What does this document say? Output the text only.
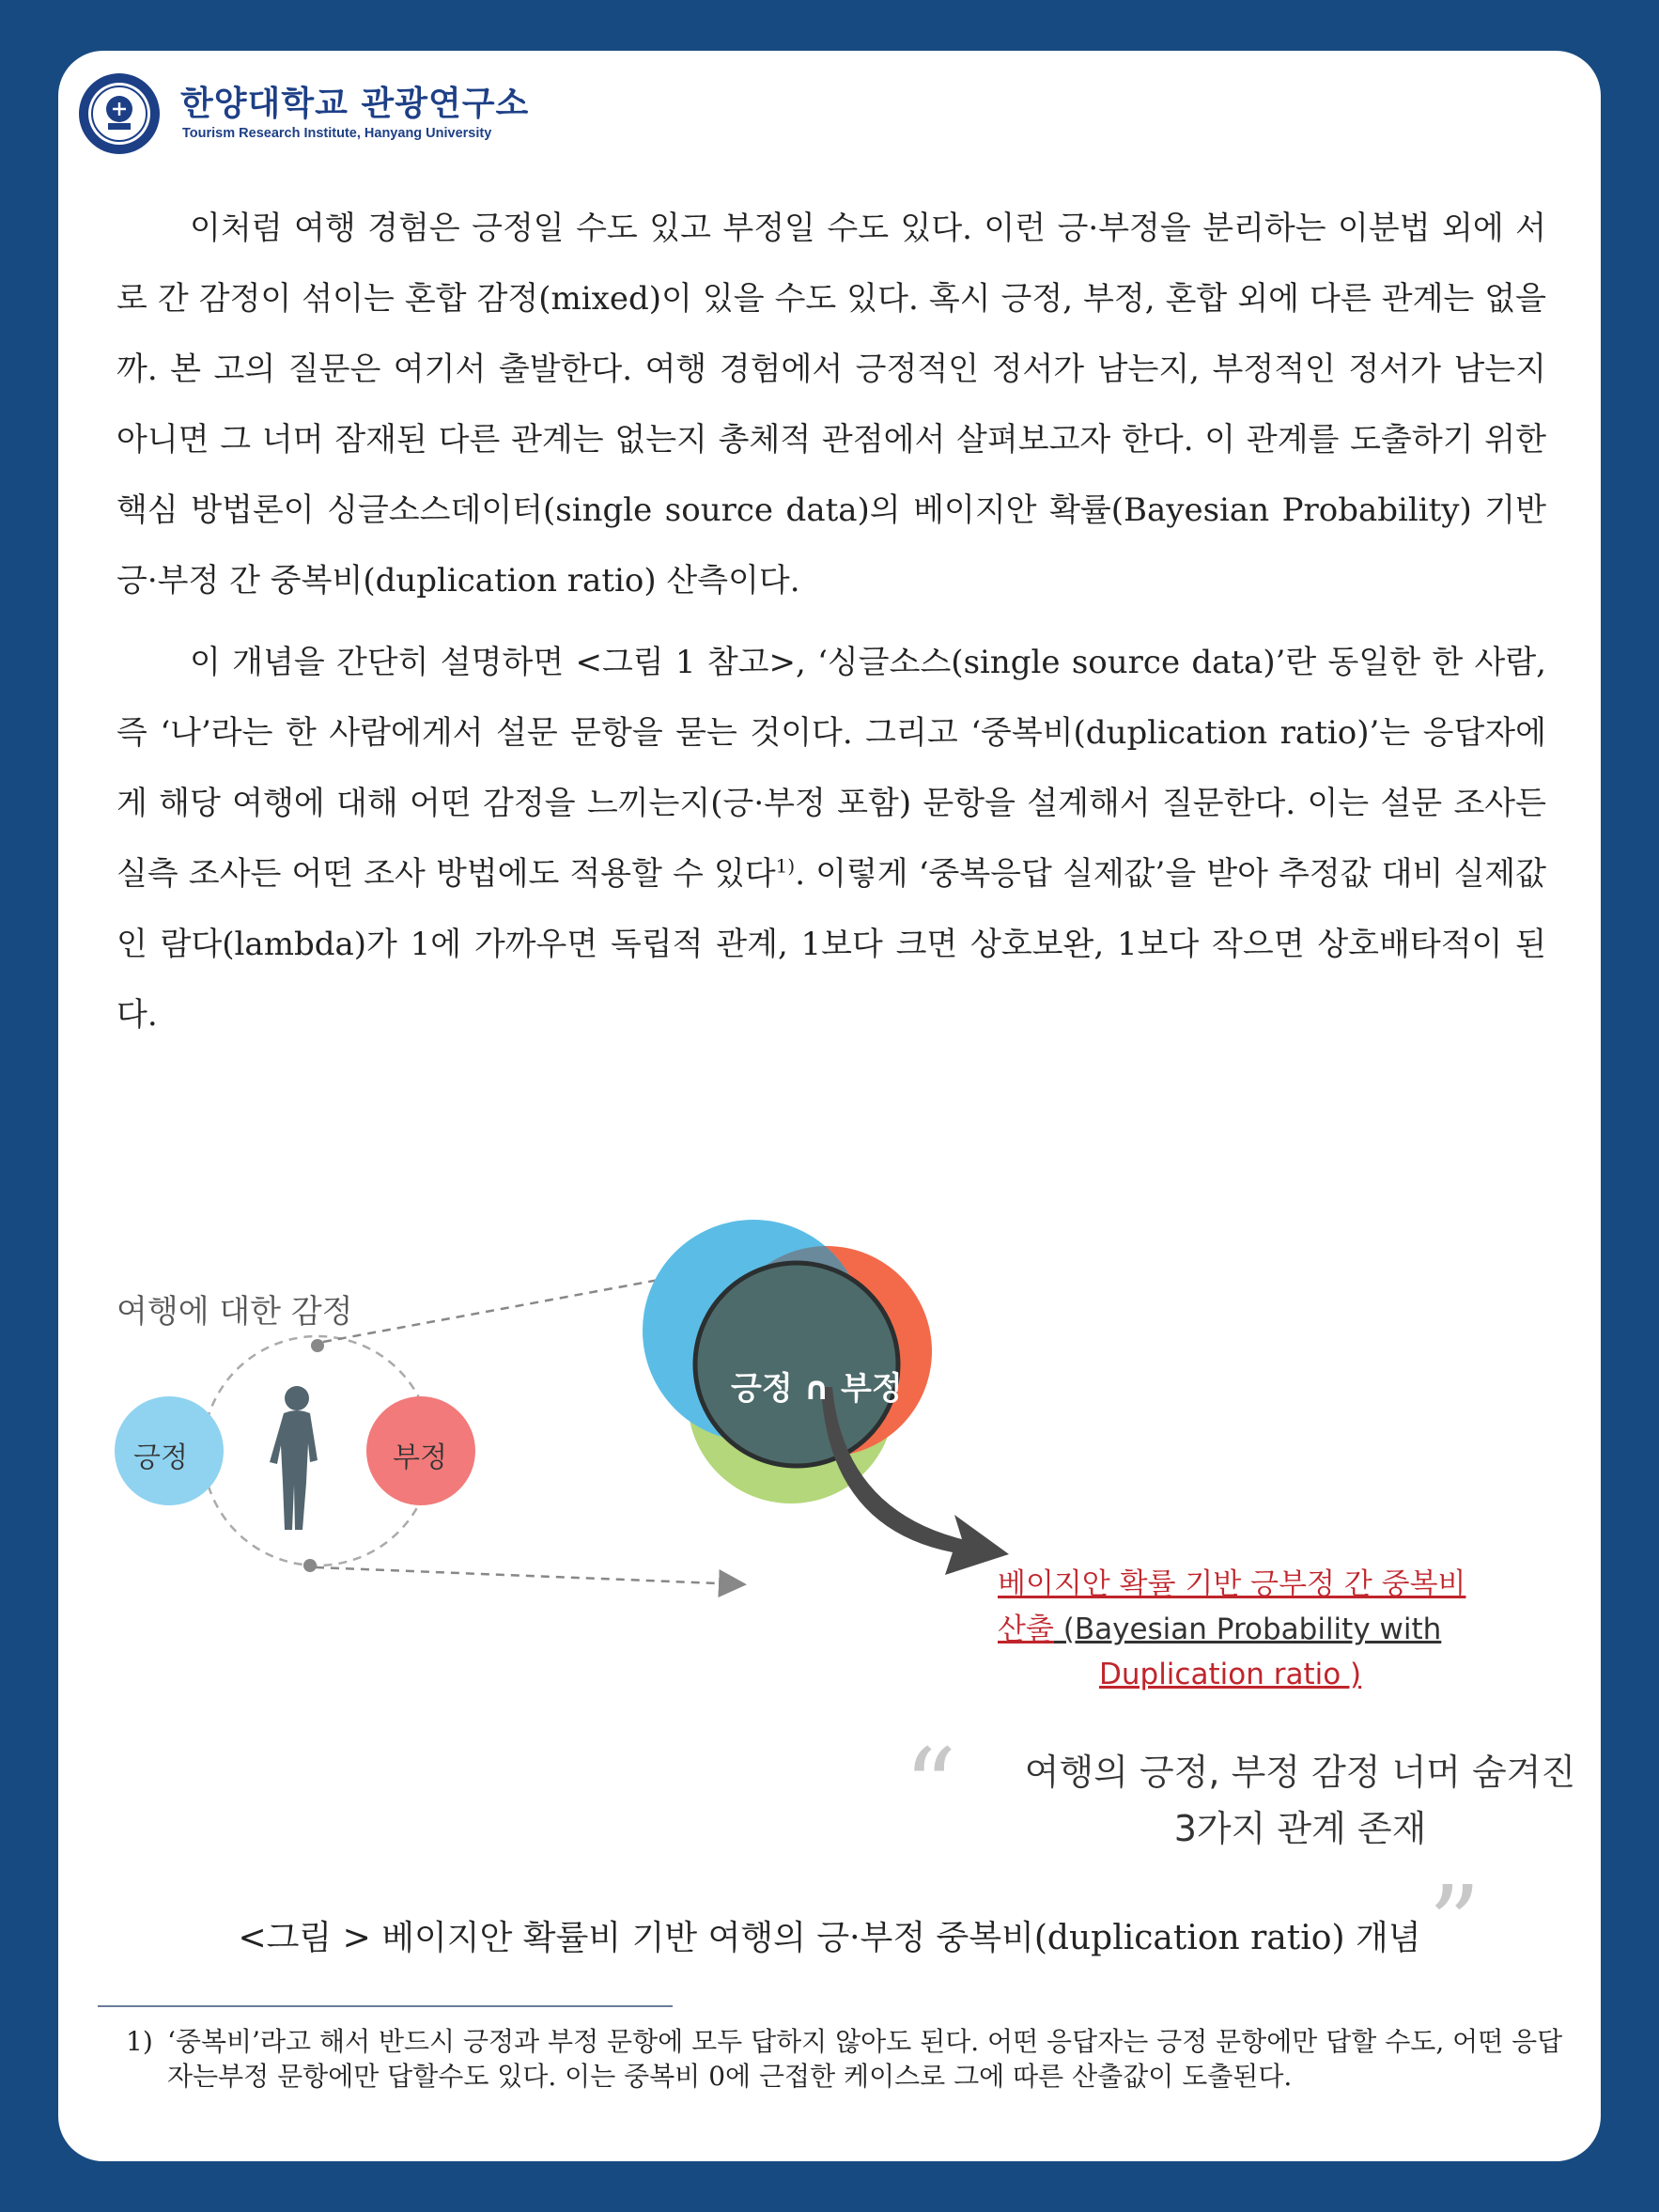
한양대학교 관광연구소
Tourism Research Institute, Hanyang University

이처럼 여행 경험은 긍정일 수도 있고 부정일 수도 있다. 이런 긍·부정을 분리하는 이분법 외에 서로 간 감정이 섞이는 혼합 감정(mixed)이 있을 수도 있다. 혹시 긍정, 부정, 혼합 외에 다른 관계는 없을까. 본 고의 질문은 여기서 출발한다. 여행 경험에서 긍정적인 정서가 남는지, 부정적인 정서가 남는지 아니면 그 너머 잠재된 다른 관계는 없는지 총체적 관점에서 살펴보고자 한다. 이 관계를 도출하기 위한 핵심 방법론이 싱글소스데이터(single source data)의 베이지안 확률(Bayesian Probability) 기반 긍·부정 간 중복비(duplication ratio) 산측이다.

이 개념을 간단히 설명하면 <그림 1 참고>, ‘싱글소스(single source data)’란 동일한 한 사람, 즉 ‘나’라는 한 사람에게서 설문 문항을 묻는 것이다. 그리고 ‘중복비(duplication ratio)’는 응답자에게 해당 여행에 대해 어떤 감정을 느끼는지(긍·부정 포함) 문항을 설계해서 질문한다. 이는 설문 조사든 실측 조사든 어떤 조사 방법에도 적용할 수 있다$^{1)}$. 이렇게 ‘중복응답 실제값’을 받아 추정값 대비 실제값인 람다(lambda)가 1에 가까우면 독립적 관계, 1보다 크면 상호보완, 1보다 작으면 상호배타적이 된다.

여행에 대한 감정
긍정	부정
긍정 ∩ 부정
베이지안 확률 기반 긍부정 간 중복비
산출 (Bayesian Probability with
Duplication ratio )
“	여행의 긍정, 부정 감정 너머 숨겨진
3가지 관계 존재
”
<그림 > 베이지안 확률비 기반 여행의 긍·부정 중복비(duplication ratio) 개념
1) ‘중복비’라고 해서 반드시 긍정과 부정 문항에 모두 답하지 않아도 된다. 어떤 응답자는 긍정 문항에만 답할 수도, 어떤 응답자는부정 문항에만 답할수도 있다. 이는 중복비 0에 근접한 케이스로 그에 따른 산출값이 도출된다.
